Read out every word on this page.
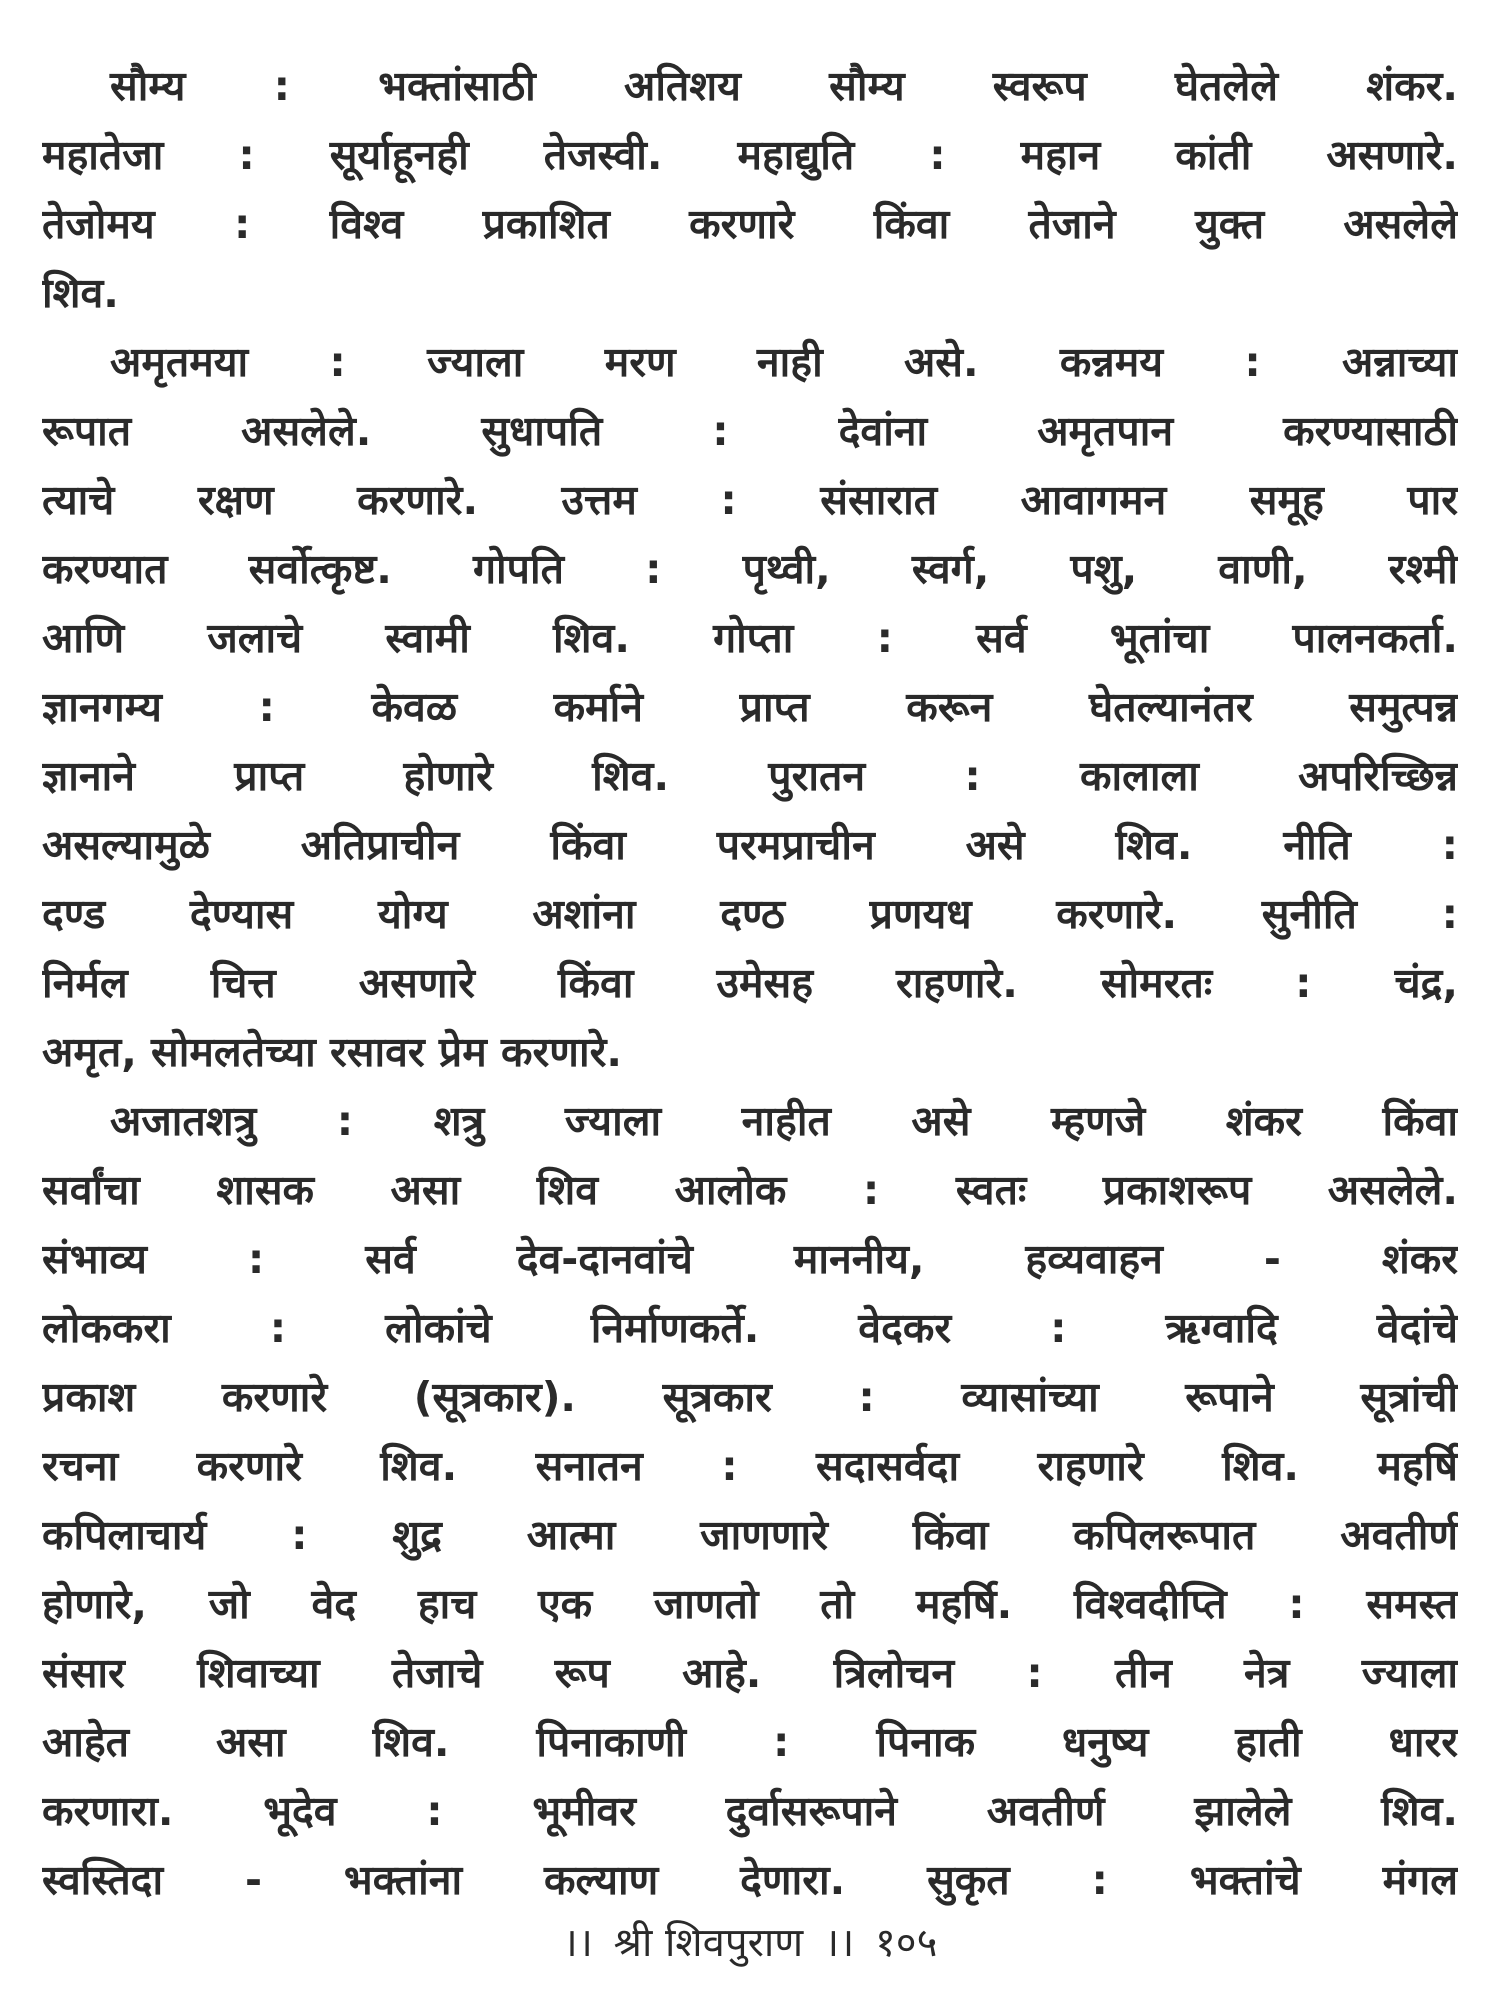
सौम्य : भक्तांसाठी अतिशय सौम्य स्वरूप घेतलेले शंकर.
महातेजा : सूर्याहूनही तेजस्वी. महाद्युति : महान कांती असणारे.
तेजोमय : विश्व प्रकाशित करणारे किंवा तेजाने युक्त असलेले
शिव.
अमृतमया : ज्याला मरण नाही असे. कन्नमय : अन्नाच्या
रूपात असलेले. सुधापति : देवांना अमृतपान करण्यासाठी
त्याचे रक्षण करणारे. उत्तम : संसारात आवागमन समूह पार
करण्यात सर्वोत्कृष्ट. गोपति : पृथ्वी, स्वर्ग, पशु, वाणी, रश्मी
आणि जलाचे स्वामी शिव. गोप्ता : सर्व भूतांचा पालनकर्ता.
ज्ञानगम्य : केवळ कर्माने प्राप्त करून घेतल्यानंतर समुत्पन्न
ज्ञानाने प्राप्त होणारे शिव. पुरातन : कालाला अपरिच्छिन्न
असल्यामुळे अतिप्राचीन किंवा परमप्राचीन असे शिव. नीति :
दण्ड देण्यास योग्य अशांना दण्ठ प्रणयध करणारे. सुनीति :
निर्मल चित्त असणारे किंवा उमेसह राहणारे. सोमरतः : चंद्र,
अमृत, सोमलतेच्या रसावर प्रेम करणारे.
अजातशत्रु : शत्रु ज्याला नाहीत असे म्हणजे शंकर किंवा
सर्वांचा शासक असा शिव आलोक : स्वतः प्रकाशरूप असलेले.
संभाव्य : सर्व देव-दानवांचे माननीय, हव्यवाहन - शंकर
लोककरा : लोकांचे निर्माणकर्ते. वेदकर : ऋग्वादि वेदांचे
प्रकाश करणारे (सूत्रकार). सूत्रकार : व्यासांच्या रूपाने सूत्रांची
रचना करणारे शिव. सनातन : सदासर्वदा राहणारे शिव. महर्षि
कपिलाचार्य : शुद्र आत्मा जाणणारे किंवा कपिलरूपात अवतीर्ण
होणारे, जो वेद हाच एक जाणतो तो महर्षि. विश्वदीप्ति : समस्त
संसार शिवाच्या तेजाचे रूप आहे. त्रिलोचन : तीन नेत्र ज्याला
आहेत असा शिव. पिनाकाणी : पिनाक धनुष्य हाती धारर
करणारा. भूदेव : भूमीवर दुर्वासरूपाने अवतीर्ण झालेले शिव.
स्वस्तिदा - भक्तांना कल्याण देणारा. सुकृत : भक्तांचे मंगल
।। श्री शिवपुराण ।। १०५
